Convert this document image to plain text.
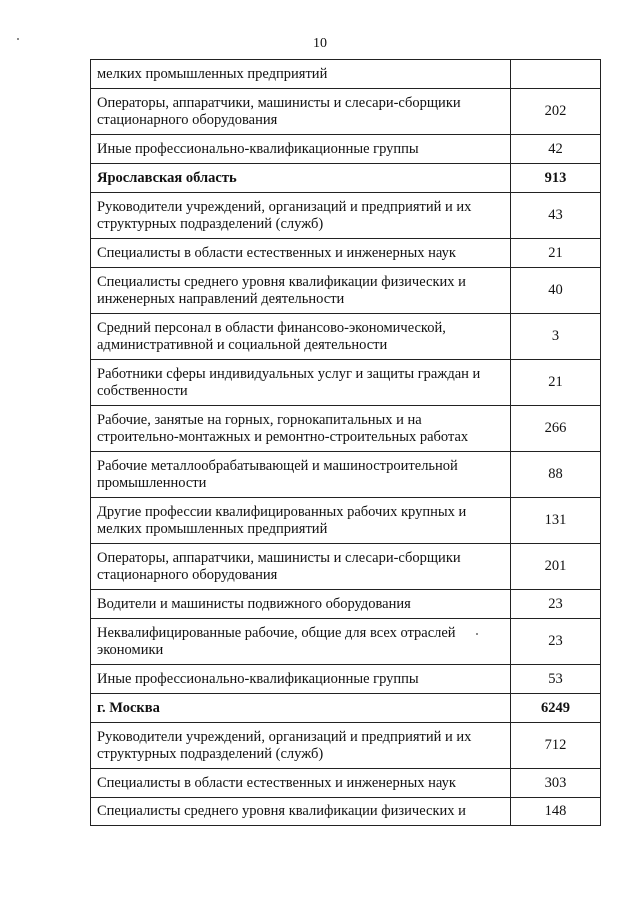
10
мелких промышленных предприятий	
Операторы, аппаратчики, машинисты и слесари-сборщики стационарного оборудования	202
Иные профессионально-квалификационные группы	42
Ярославская область	913
Руководители учреждений, организаций и предприятий и их структурных подразделений (служб)	43
Специалисты в области естественных и инженерных наук	21
Специалисты среднего уровня квалификации физических и инженерных направлений деятельности	40
Средний персонал в области финансово-экономической, административной и социальной деятельности	3
Работники сферы индивидуальных услуг и защиты граждан и собственности	21
Рабочие, занятые на горных, горнокапитальных и на строительно-монтажных и ремонтно-строительных работах	266
Рабочие металлообрабатывающей и машиностроительной промышленности	88
Другие профессии квалифицированных рабочих крупных и мелких промышленных предприятий	131
Операторы, аппаратчики, машинисты и слесари-сборщики стационарного оборудования	201
Водители и машинисты подвижного оборудования	23
Неквалифицированные рабочие, общие для всех отраслей экономики	23
Иные профессионально-квалификационные группы	53
г. Москва	6249
Руководители учреждений, организаций и предприятий и их структурных подразделений (служб)	712
Специалисты в области естественных и инженерных наук	303
Специалисты среднего уровня квалификации физических и	148
